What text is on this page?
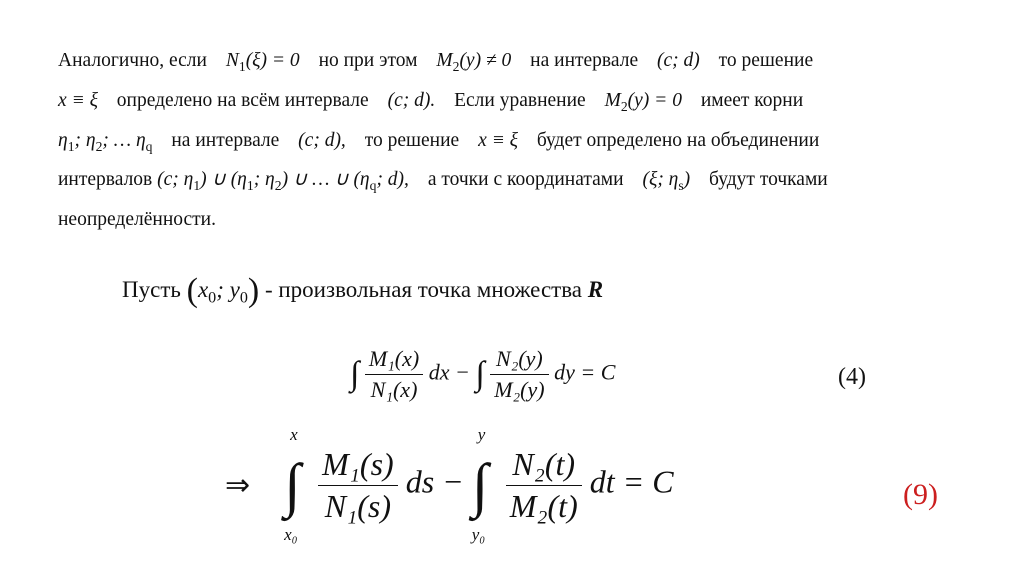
Аналогично, если $N_1(\xi) = 0$ но при этом $M_2(y) \ne 0$ на интервале (c; d) то решение
x ≡ ξ определено на всём интервале (c; d). Если уравнение $M_2(y) = 0$ имеет корни
$\eta_1$; $\eta_2$; … $\eta_q$ на интервале (c; d), то решение x ≡ ξ будет определено на объединении
интервалов (c; $\eta_1$) ∪ ($\eta_1$; $\eta_2$) ∪ … ∪ ($\eta_q$; d), а точки с координатами (ξ; $\eta_s$) будут точками
неопределённости.
Пусть ($x_0$; $y_0$) - произвольная точка множества R
∫ $\frac{\text{M₁(x)}}{\text{N₁(x)}}$ dx − ∫ $\frac{\text{N₂(y)}}{\text{M₂(y)}}$ dy = C	(4)
⇒
x
∫
x₀

$\frac{\text{M₁(s)}}{\text{N₁(s)}}$ ds −
y
∫
y₀

$\frac{\text{N₂(t)}}{\text{M₂(t)}}$ dt = C	(9)
